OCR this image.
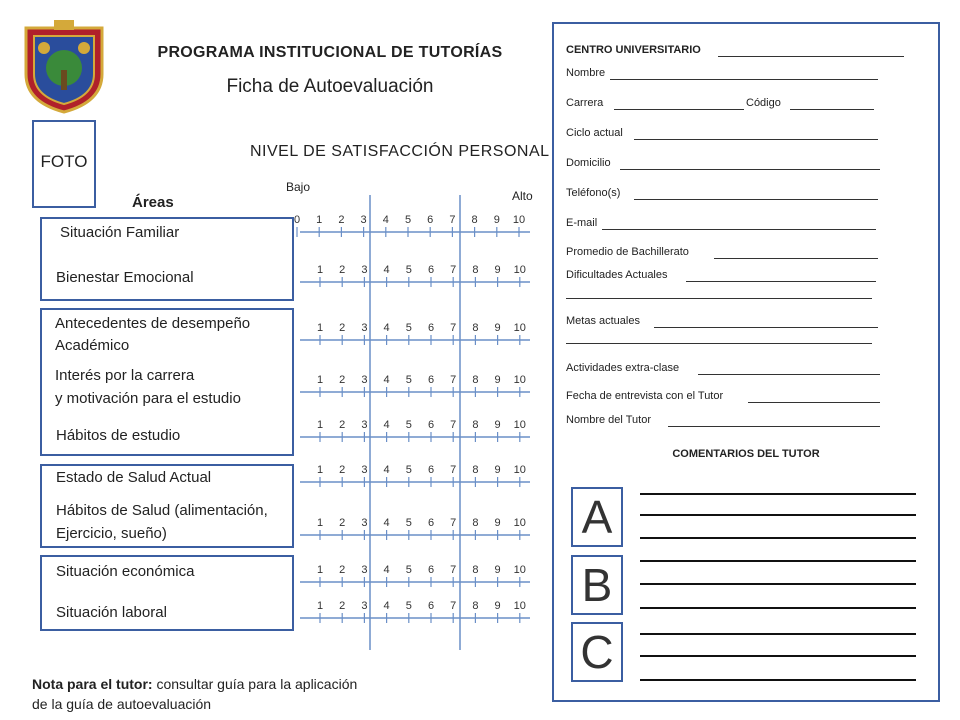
PROGRAMA INSTITUCIONAL DE TUTORÍAS
Ficha de Autoevaluación
FOTO
NIVEL DE SATISFACCIÓN PERSONAL
Bajo
Alto
Áreas
Situación Familiar
Bienestar Emocional
Antecedentes de desempeño
Académico
Interés por la carrera
y motivación para el estudio
Hábitos de estudio
Estado de Salud Actual
Hábitos de Salud (alimentación,
Ejercicio, sueño)
Situación económica
Situación laboral
0 1 2 3 4 5 6 7 8 9 10
1 2 3 4 5 6 7 8 9 10
1 2 3 4 5 6 7 8 9 10
1 2 3 4 5 6 7 8 9 10
1 2 3 4 5 6 7 8 9 10
1 2 3 4 5 6 7 8 9 10
1 2 3 4 5 6 7 8 9 10
1 2 3 4 5 6 7 8 9 10
1 2 3 4 5 6 7 8 9 10
Nota para el tutor: consultar guía para la aplicación
de la guía de autoevaluación
CENTRO UNIVERSITARIO
Nombre
Carrera	Código
Ciclo actual
Domicilio
Teléfono(s)
E-mail
Promedio de Bachillerato
Dificultades Actuales
Metas actuales
Actividades extra-clase
Fecha de entrevista con el Tutor
Nombre del Tutor
COMENTARIOS DEL TUTOR
A
B
C
